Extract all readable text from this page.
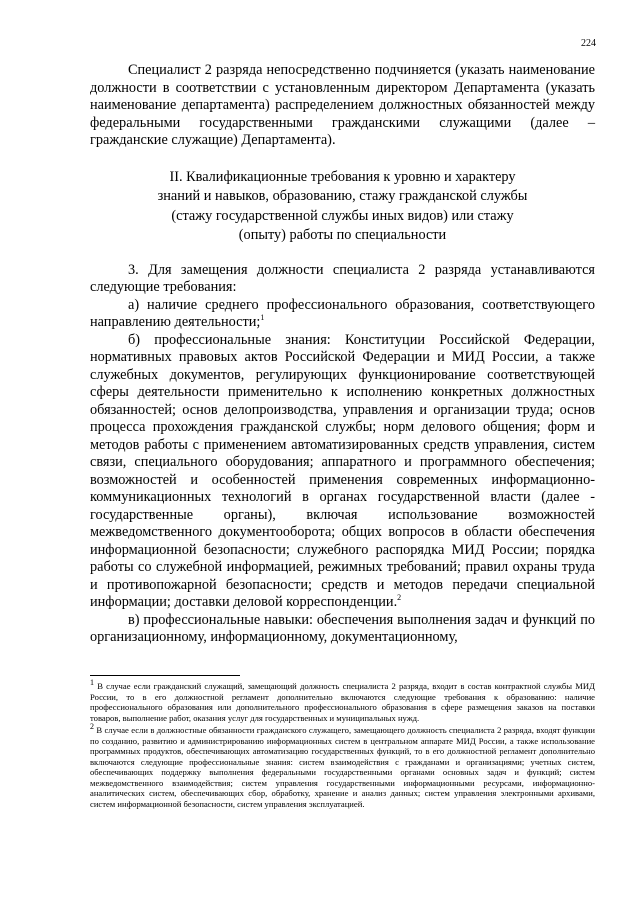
224

Специалист 2 разряда непосредственно подчиняется (указать наименование должности в соответствии с установленным директором Департамента (указать наименование департамента) распределением должностных обязанностей между федеральными государственными гражданскими служащими (далее – гражданские служащие) Департамента).

II. Квалификационные требования к уровню и характеру
знаний и навыков, образованию, стажу гражданской службы
(стажу государственной службы иных видов) или стажу
(опыту) работы по специальности

3. Для замещения должности специалиста 2 разряда устанавливаются следующие требования:

а) наличие среднего профессионального образования, соответствующего направлению деятельности;$^1$

б) профессиональные знания: Конституции Российской Федерации, нормативных правовых актов Российской Федерации и МИД России, а также служебных документов, регулирующих функционирование соответствующей сферы деятельности применительно к исполнению конкретных должностных обязанностей; основ делопроизводства, управления и организации труда; основ процесса прохождения гражданской службы; норм делового общения; форм и методов работы с применением автоматизированных средств управления, систем связи, специального оборудования; аппаратного и программного обеспечения; возможностей и особенностей применения современных информационно-коммуникационных технологий в органах государственной власти (далее - государственные органы), включая использование возможностей межведомственного документооборота; общих вопросов в области обеспечения информационной безопасности; служебного распорядка МИД России; порядка работы со служебной информацией, режимных требований; правил охраны труда и противопожарной безопасности; средств и методов передачи специальной информации; доставки деловой корреспонденции.$^2$

в) профессиональные навыки: обеспечения выполнения задач и функций по организационному, информационному, документационному,

$^1$ В случае если гражданский служащий, замещающий должность специалиста 2 разряда, входит в состав контрактной службы МИД России, то в его должностной регламент дополнительно включаются следующие требования к образованию: наличие профессионального образования или дополнительного профессионального образования в сфере размещения заказов на поставки товаров, выполнение работ, оказания услуг для государственных и муниципальных нужд.

$^2$ В случае если в должностные обязанности гражданского служащего, замещающего должность специалиста 2 разряда, входят функции по созданию, развитию и администрированию информационных систем в центральном аппарате МИД России, а также использование программных продуктов, обеспечивающих автоматизацию государственных функций, то в его должностной регламент дополнительно включаются следующие профессиональные знания: систем взаимодействия с гражданами и организациями; учетных систем, обеспечивающих поддержку выполнения федеральными государственными органами основных задач и функций; систем межведомственного взаимодействия; систем управления государственными информационными ресурсами, информационно-аналитических систем, обеспечивающих сбор, обработку, хранение и анализ данных; систем управления электронными архивами, систем информационной безопасности, систем управления эксплуатацией.
